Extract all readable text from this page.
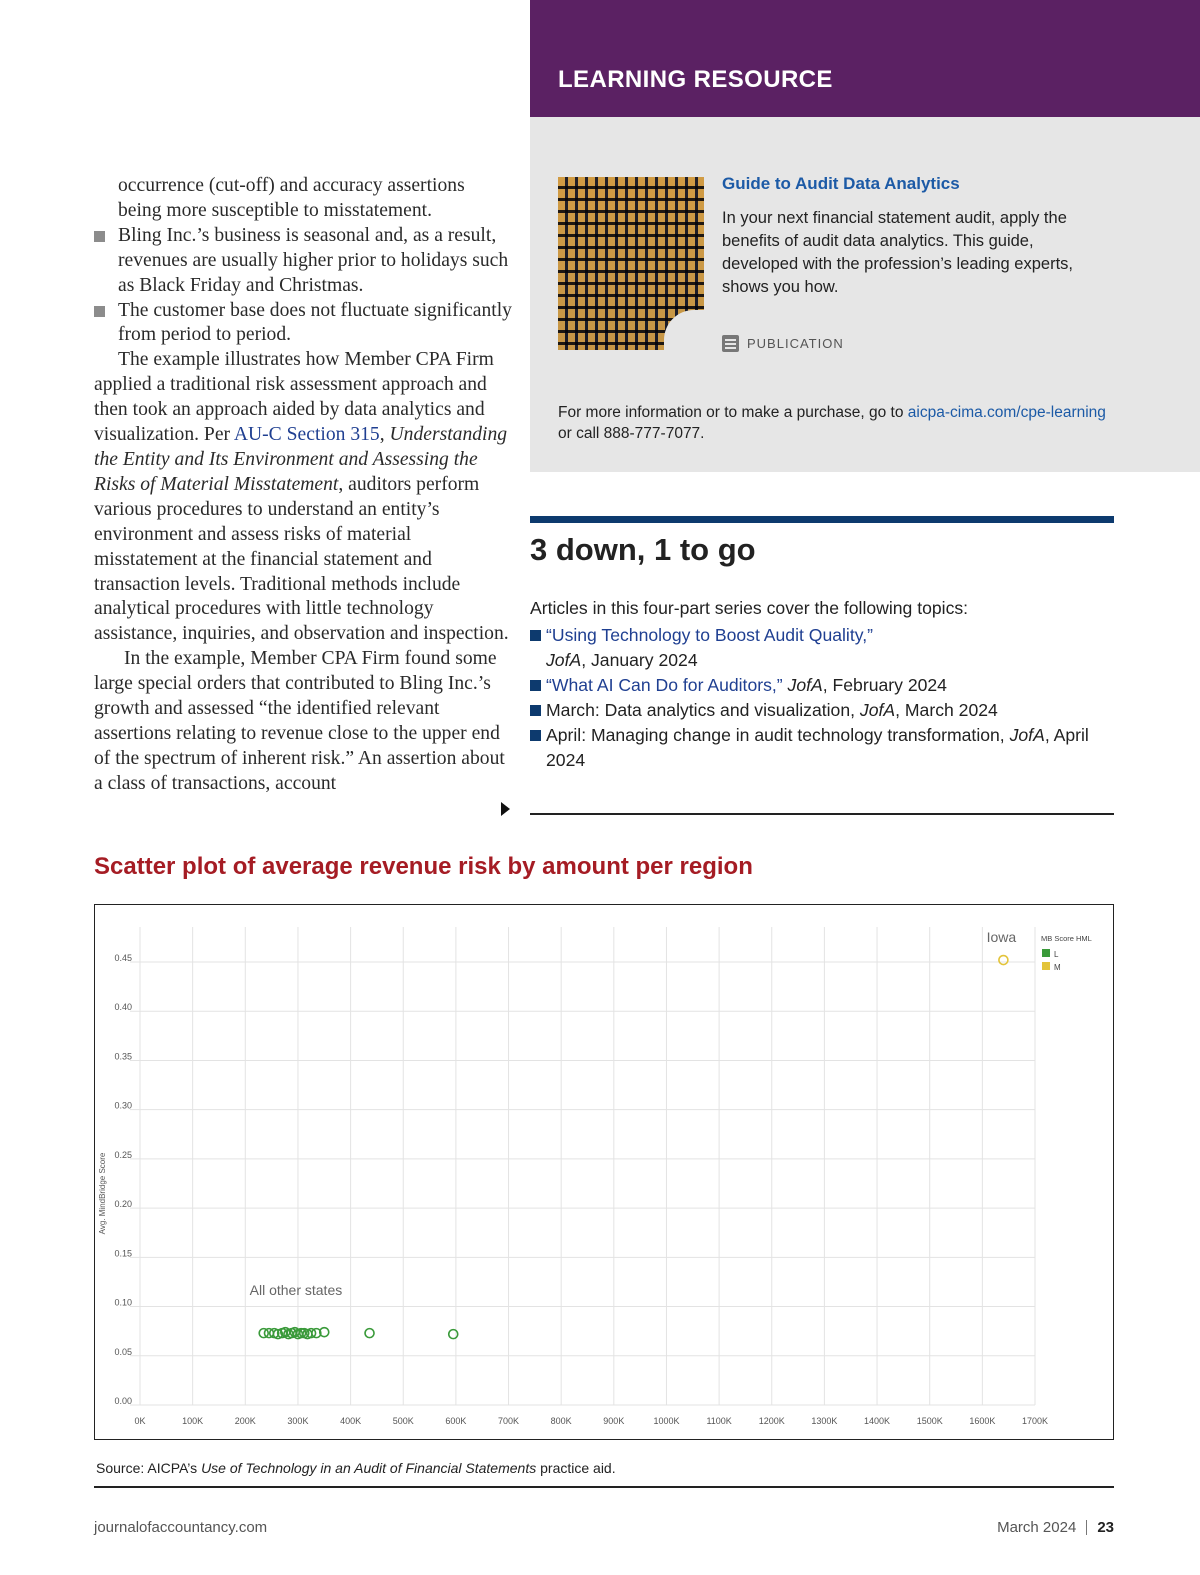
occurrence (cut-off) and accuracy assertions being more susceptible to misstatement.

Bling Inc.’s business is seasonal and, as a result, revenues are usually higher prior to holidays such as Black Friday and Christmas.

The customer base does not fluctuate significantly from period to period.

The example illustrates how Member CPA Firm applied a traditional risk assessment approach and then took an approach aided by data analytics and visualization. Per AU-C Section 315, Understanding the Entity and Its Environment and Assessing the Risks of Material Misstatement, auditors perform various procedures to understand an entity’s environment and assess risks of material misstatement at the financial statement and transaction levels. Traditional methods include analytical procedures with little technology assistance, inquiries, and observation and inspection.

In the example, Member CPA Firm found some large special orders that contributed to Bling Inc.’s growth and assessed “the identified relevant assertions relating to revenue close to the upper end of the spectrum of inherent risk.” An assertion about a class of transactions, account

LEARNING RESOURCE
Guide to Audit Data Analytics
In your next financial statement audit, apply the benefits of audit data analytics. This guide, developed with the profession’s leading experts, shows you how.
PUBLICATION
For more information or to make a purchase, go to aicpa-cima.com/cpe-learning
or call 888-777-7077.
3 down, 1 to go
Articles in this four-part series cover the following topics:
“Using Technology to Boost Audit Quality,”
JofA, January 2024
“What AI Can Do for Auditors,” JofA, February 2024
March: Data analytics and visualization, JofA, March 2024
April: Managing change in audit technology transformation, JofA, April 2024
Scatter plot of average revenue risk by amount per region
0K	100K	200K	300K	400K	500K	600K	700K	800K	900K	1000K	1100K	1200K	1300K	1400K	1500K	1600K	1700K
0.00
0.05
0.10
0.15
0.20
0.25
0.30
0.35
0.40
0.45
Avg. MindBridge Score
Iowa
All other states
MB Score HML
L
M
Source: AICPA’s Use of Technology in an Audit of Financial Statements practice aid.
journalofaccountancy.com	March 2024 23
